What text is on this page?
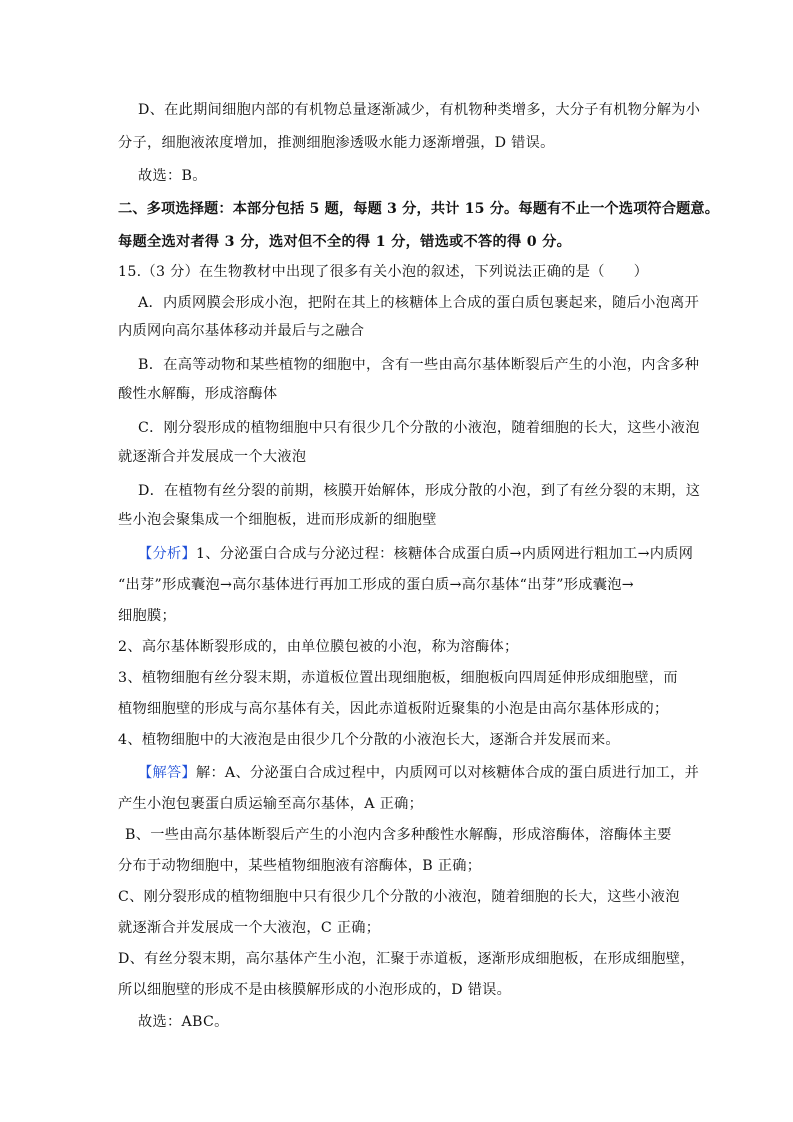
D、在此期间细胞内部的有机物总量逐渐减少，有机物种类增多，大分子有机物分解为小
分子，细胞液浓度增加，推测细胞渗透吸水能力逐渐增强，D 错误。
故选：B。
二、多项选择题：本部分包括 5 题，每题 3 分，共计 15 分。每题有不止一个选项符合题意。
每题全选对者得 3 分，选对但不全的得 1 分，错选或不答的得 0 分。
15.（3 分）在生物教材中出现了很多有关小泡的叙述，下列说法正确的是（　　）
A．内质网膜会形成小泡，把附在其上的核糖体上合成的蛋白质包裹起来，随后小泡离开
内质网向高尔基体移动并最后与之融合
B．在高等动物和某些植物的细胞中，含有一些由高尔基体断裂后产生的小泡，内含多种
酸性水解酶，形成溶酶体
C．刚分裂形成的植物细胞中只有很少几个分散的小液泡，随着细胞的长大，这些小液泡
就逐渐合并发展成一个大液泡
D．在植物有丝分裂的前期，核膜开始解体，形成分散的小泡，到了有丝分裂的末期，这
些小泡会聚集成一个细胞板，进而形成新的细胞壁
【分析】1、分泌蛋白合成与分泌过程：核糖体合成蛋白质→内质网进行粗加工→内质网
“出芽”形成囊泡→高尔基体进行再加工形成的蛋白质→高尔基体“出芽”形成囊泡→
细胞膜；
2、高尔基体断裂形成的，由单位膜包被的小泡，称为溶酶体；
3、植物细胞有丝分裂末期，赤道板位置出现细胞板，细胞板向四周延伸形成细胞壁，而
植物细胞壁的形成与高尔基体有关，因此赤道板附近聚集的小泡是由高尔基体形成的；
4、植物细胞中的大液泡是由很少几个分散的小液泡长大，逐渐合并发展而来。
【解答】解：A、分泌蛋白合成过程中，内质网可以对核糖体合成的蛋白质进行加工，并
产生小泡包裹蛋白质运输至高尔基体，A 正确；
B、一些由高尔基体断裂后产生的小泡内含多种酸性水解酶，形成溶酶体，溶酶体主要
分布于动物细胞中，某些植物细胞液有溶酶体，B 正确；
C、刚分裂形成的植物细胞中只有很少几个分散的小液泡，随着细胞的长大，这些小液泡
就逐渐合并发展成一个大液泡，C 正确；
D、有丝分裂末期，高尔基体产生小泡，汇聚于赤道板，逐渐形成细胞板，在形成细胞壁，
所以细胞壁的形成不是由核膜解形成的小泡形成的，D 错误。
故选：ABC。
